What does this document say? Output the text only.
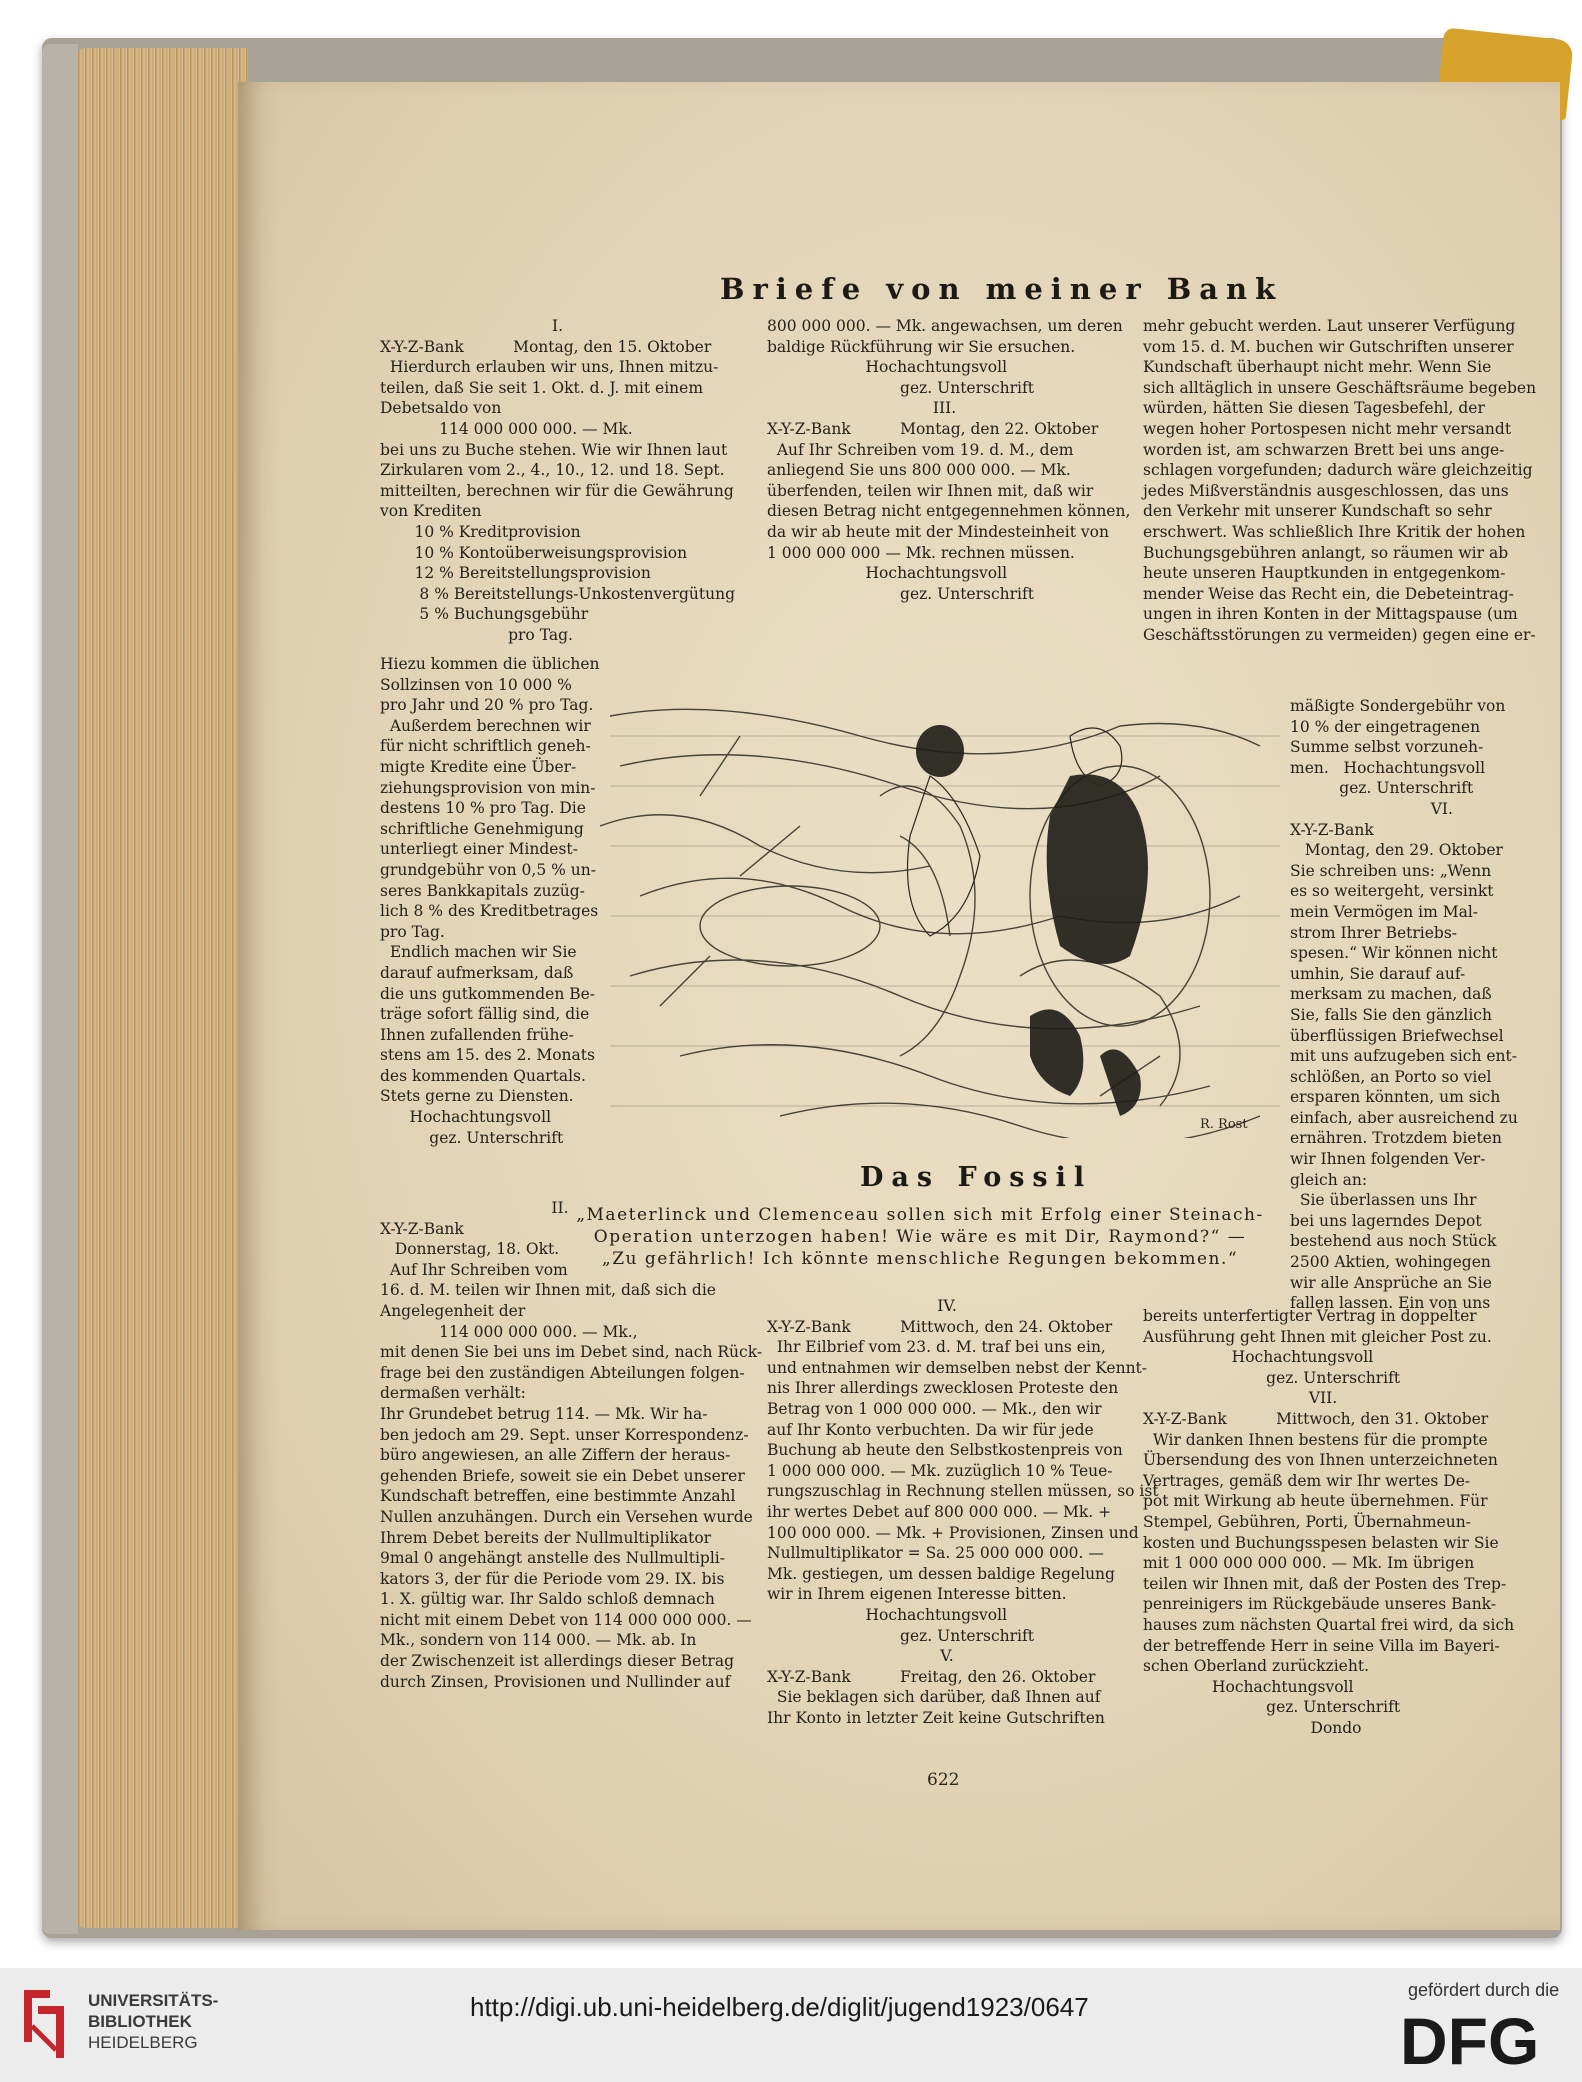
Briefe von meiner Bank

I.

X-Y-Z-Bank          Montag, den 15. Oktober

Hierdurch erlauben wir uns, Ihnen mitzu-

teilen, daß Sie seit 1. Okt. d. J. mit einem

Debetsaldo von

114 000 000 000. — Mk.

bei uns zu Buche stehen. Wie wir Ihnen laut

Zirkularen vom 2., 4., 10., 12. und 18. Sept.

mitteilten, berechnen wir für die Gewährung

von Krediten

10 % Kreditprovision

10 % Kontoüberweisungsprovision

12 % Bereitstellungsprovision

8 % Bereitstellungs-Unkostenvergütung

5 % Buchungsgebühr

pro Tag.

Hiezu kommen die üblichen

Sollzinsen von 10 000 %

pro Jahr und 20 % pro Tag.

Außerdem berechnen wir

für nicht schriftlich geneh-

migte Kredite eine Über-

ziehungsprovision von min-

destens 10 % pro Tag. Die

schriftliche Genehmigung

unterliegt einer Mindest-

grundgebühr von 0,5 % un-

seres Bankkapitals zuzüg-

lich 8 % des Kreditbetrages

pro Tag.

Endlich machen wir Sie

darauf aufmerksam, daß

die uns gutkommenden Be-

träge sofort fällig sind, die

Ihnen zufallenden frühe-

stens am 15. des 2. Monats

des kommenden Quartals.

Stets gerne zu Diensten.

Hochachtungsvoll

gez. Unterschrift

800 000 000. — Mk. angewachsen, um deren

baldige Rückführung wir Sie ersuchen.

Hochachtungsvoll

gez. Unterschrift

III.

X-Y-Z-Bank          Montag, den 22. Oktober

Auf Ihr Schreiben vom 19. d. M., dem

anliegend Sie uns 800 000 000. — Mk.

überfenden, teilen wir Ihnen mit, daß wir

diesen Betrag nicht entgegennehmen können,

da wir ab heute mit der Mindesteinheit von

1 000 000 000 — Mk. rechnen müssen.

Hochachtungsvoll

gez. Unterschrift

mehr gebucht werden. Laut unserer Verfügung

vom 15. d. M. buchen wir Gutschriften unserer

Kundschaft überhaupt nicht mehr. Wenn Sie

sich alltäglich in unsere Geschäftsräume begeben

würden, hätten Sie diesen Tagesbefehl, der

wegen hoher Portospesen nicht mehr versandt

worden ist, am schwarzen Brett bei uns ange-

schlagen vorgefunden; dadurch wäre gleichzeitig

jedes Mißverständnis ausgeschlossen, das uns

den Verkehr mit unserer Kundschaft so sehr

erschwert. Was schließlich Ihre Kritik der hohen

Buchungsgebühren anlangt, so räumen wir ab

heute unseren Hauptkunden in entgegenkom-

mender Weise das Recht ein, die Debeteintrag-

ungen in ihren Konten in der Mittagspause (um

Geschäftsstörungen zu vermeiden) gegen eine er-

mäßigte Sondergebühr von

10 % der eingetragenen

Summe selbst vorzuneh-

men.   Hochachtungsvoll

gez. Unterschrift

VI.

X-Y-Z-Bank

Montag, den 29. Oktober

Sie schreiben uns: „Wenn

es so weitergeht, versinkt

mein Vermögen im Mal-

strom Ihrer Betriebs-

spesen.“ Wir können nicht

umhin, Sie darauf auf-

merksam zu machen, daß

Sie, falls Sie den gänzlich

überflüssigen Briefwechsel

mit uns aufzugeben sich ent-

schlößen, an Porto so viel

ersparen könnten, um sich

einfach, aber ausreichend zu

ernähren. Trotzdem bieten

wir Ihnen folgenden Ver-

gleich an:

Sie überlassen uns Ihr

bei uns lagerndes Depot

bestehend aus noch Stück

2500 Aktien, wohingegen

wir alle Ansprüche an Sie

fallen lassen. Ein von uns

R. Rost
Das Fossil

„Maeterlinck und Clemenceau sollen sich mit Erfolg einer Steinach-

Operation unterzogen haben! Wie wäre es mit Dir, Raymond?“ —

„Zu gefährlich! Ich könnte menschliche Regungen bekommen.“

II.

X-Y-Z-Bank

Donnerstag, 18. Okt.

Auf Ihr Schreiben vom

16. d. M. teilen wir Ihnen mit, daß sich die

Angelegenheit der

114 000 000 000. — Mk.,

mit denen Sie bei uns im Debet sind, nach Rück-

frage bei den zuständigen Abteilungen folgen-

dermaßen verhält:

Ihr Grundebet betrug 114. — Mk. Wir ha-

ben jedoch am 29. Sept. unser Korrespondenz-

büro angewiesen, an alle Ziffern der heraus-

gehenden Briefe, soweit sie ein Debet unserer

Kundschaft betreffen, eine bestimmte Anzahl

Nullen anzuhängen. Durch ein Versehen wurde

Ihrem Debet bereits der Nullmultiplikator

9mal 0 angehängt anstelle des Nullmultipli-

kators 3, der für die Periode vom 29. IX. bis

1. X. gültig war. Ihr Saldo schloß demnach

nicht mit einem Debet von 114 000 000 000. —

Mk., sondern von 114 000. — Mk. ab. In

der Zwischenzeit ist allerdings dieser Betrag

durch Zinsen, Provisionen und Nullinder auf

IV.

X-Y-Z-Bank          Mittwoch, den 24. Oktober

Ihr Eilbrief vom 23. d. M. traf bei uns ein,

und entnahmen wir demselben nebst der Kennt-

nis Ihrer allerdings zwecklosen Proteste den

Betrag von 1 000 000 000. — Mk., den wir

auf Ihr Konto verbuchten. Da wir für jede

Buchung ab heute den Selbstkostenpreis von

1 000 000 000. — Mk. zuzüglich 10 % Teue-

rungszuschlag in Rechnung stellen müssen, so ist

ihr wertes Debet auf 800 000 000. — Mk. +

100 000 000. — Mk. + Provisionen, Zinsen und

Nullmultiplikator = Sa. 25 000 000 000. —

Mk. gestiegen, um dessen baldige Regelung

wir in Ihrem eigenen Interesse bitten.

Hochachtungsvoll

gez. Unterschrift

V.

X-Y-Z-Bank          Freitag, den 26. Oktober

Sie beklagen sich darüber, daß Ihnen auf

Ihr Konto in letzter Zeit keine Gutschriften

bereits unterfertigter Vertrag in doppelter

Ausführung geht Ihnen mit gleicher Post zu.

Hochachtungsvoll

gez. Unterschrift

VII.

X-Y-Z-Bank          Mittwoch, den 31. Oktober

Wir danken Ihnen bestens für die prompte

Übersendung des von Ihnen unterzeichneten

Vertrages, gemäß dem wir Ihr wertes De-

pot mit Wirkung ab heute übernehmen. Für

Stempel, Gebühren, Porti, Übernahmeun-

kosten und Buchungsspesen belasten wir Sie

mit 1 000 000 000 000. — Mk. Im übrigen

teilen wir Ihnen mit, daß der Posten des Trep-

penreinigers im Rückgebäude unseres Bank-

hauses zum nächsten Quartal frei wird, da sich

der betreffende Herr in seine Villa im Bayeri-

schen Oberland zurückzieht.

Hochachtungsvoll

gez. Unterschrift

Dondo

622
UNIVERSITÄTS-
BIBLIOTHEK
HEIDELBERG
http://digi.ub.uni-heidelberg.de/diglit/jugend1923/0647
gefördert durch die
DFG
